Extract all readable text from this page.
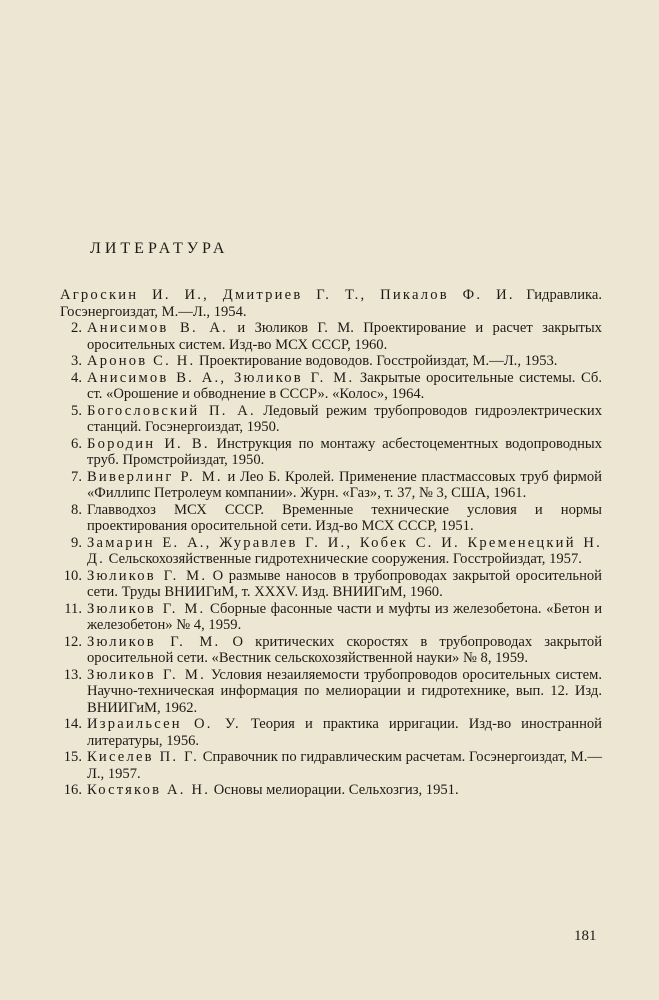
ЛИТЕРАТУРА
Агроскин И. И., Дмитриев Г. Т., Пикалов Ф. И. Гидравлика. Госэнергоиздат, М.—Л., 1954.
2. Анисимов В. А. и Зюликов Г. М. Проектирование и расчет закрытых оросительных систем. Изд-во МСХ СССР, 1960.
3. Аронов С. Н. Проектирование водоводов. Госстройиздат, М.—Л., 1953.
4. Анисимов В. А., Зюликов Г. М. Закрытые оросительные системы. Сб. ст. «Орошение и обводнение в СССР». «Колос», 1964.
5. Богословский П. А. Ледовый режим трубопроводов гидроэлектрических станций. Госэнергоиздат, 1950.
6. Бородин И. В. Инструкция по монтажу асбестоцементных водопроводных труб. Промстройиздат, 1950.
7. Виверлинг Р. М. и Лео Б. Кролей. Применение пластмассовых труб фирмой «Филлипс Петролеум компании». Журн. «Газ», т. 37, № 3, США, 1961.
8. Главводхоз МСХ СССР. Временные технические условия и нормы проектирования оросительной сети. Изд-во МСХ СССР, 1951.
9. Замарин Е. А., Журавлев Г. И., Кобек С. И. Кременецкий Н. Д. Сельскохозяйственные гидротехнические сооружения. Госстройиздат, 1957.
10. Зюликов Г. М. О размыве наносов в трубопроводах закрытой оросительной сети. Труды ВНИИГиМ, т. XXXV. Изд. ВНИИГиМ, 1960.
11. Зюликов Г. М. Сборные фасонные части и муфты из железобетона. «Бетон и железобетон» № 4, 1959.
12. Зюликов Г. М. О критических скоростях в трубопроводах закрытой оросительной сети. «Вестник сельскохозяйственной науки» № 8, 1959.
13. Зюликов Г. М. Условия незаиляемости трубопроводов оросительных систем. Научно-техническая информация по мелиорации и гидротехнике, вып. 12. Изд. ВНИИГиМ, 1962.
14. Израильсен О. У. Теория и практика ирригации. Изд-во иностранной литературы, 1956.
15. Киселев П. Г. Справочник по гидравлическим расчетам. Госэнергоиздат, М.—Л., 1957.
16. Костяков А. Н. Основы мелиорации. Сельхозгиз, 1951.
181
